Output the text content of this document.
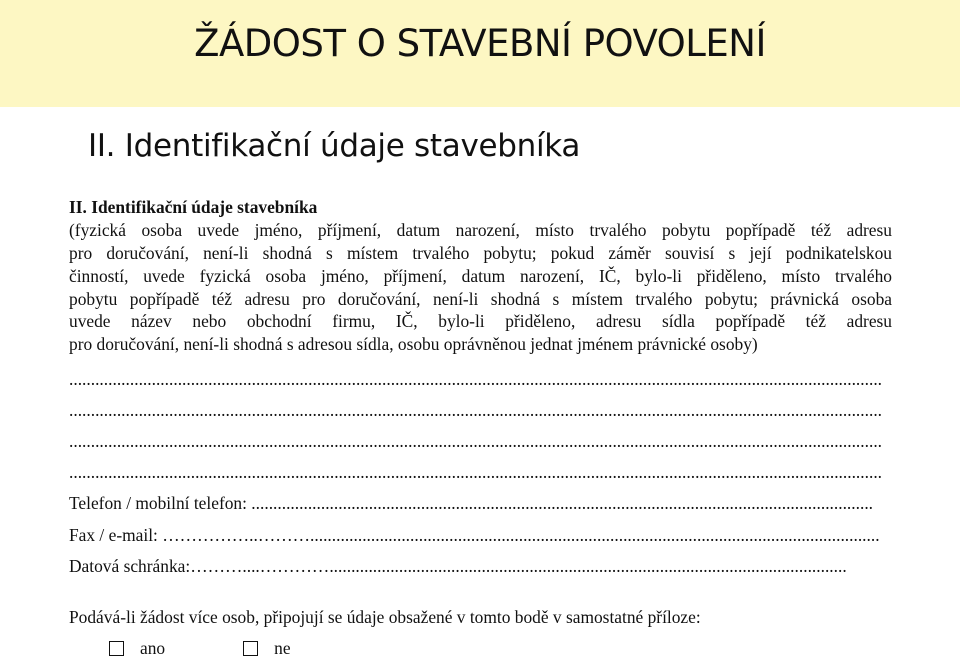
ŽÁDOST O STAVEBNÍ POVOLENÍ
II. Identifikační údaje stavebníka
II. Identifikační údaje stavebníka
(fyzická osoba uvede jméno, příjmení, datum narození, místo trvalého pobytu popřípadě též adresu
pro doručování, není-li shodná s místem trvalého pobytu; pokud záměr souvisí s její podnikatelskou
činností, uvede fyzická osoba jméno, příjmení, datum narození, IČ, bylo-li přiděleno, místo trvalého
pobytu popřípadě též adresu pro doručování, není-li shodná s místem trvalého pobytu; právnická osoba
uvede název nebo obchodní firmu, IČ, bylo-li přiděleno, adresu sídla popřípadě též adresu
pro doručování, není-li shodná s adresou sídla, osobu oprávněnou jednat jménem právnické osoby)
...........................................................................................................................................................................................
...........................................................................................................................................................................................
...........................................................................................................................................................................................
...........................................................................................................................................................................................
Telefon / mobilní telefon: ...............................................................................................................................................
Fax / e-mail: ……………..………...................................................................................................................................
Datová schránka:………....………….......................................................................................................................
Podává-li žádost více osob, připojují se údaje obsažené v tomto bodě v samostatné příloze:
ano	ne
